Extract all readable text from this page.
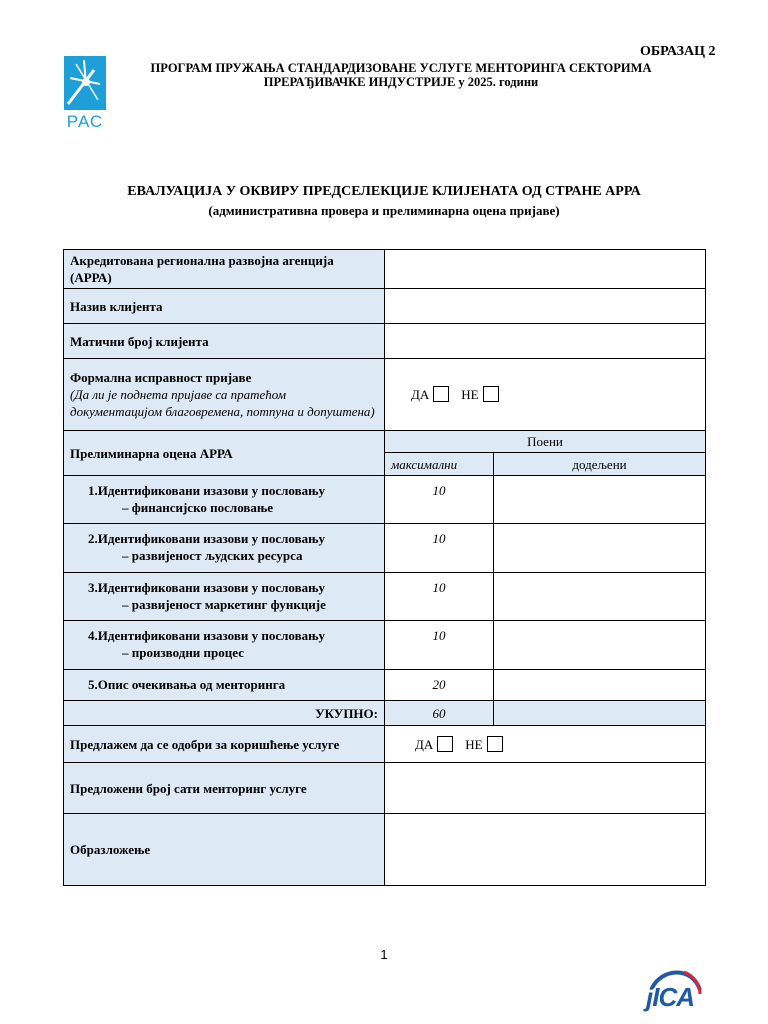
ОБРАЗАЦ 2
РАС
ПРОГРАМ ПРУЖАЊА СТАНДАРДИЗОВАНЕ УСЛУГЕ МЕНТОРИНГА СЕКТОРИМА
ПРЕРАЂИВАЧКЕ ИНДУСТРИЈЕ у 2025. години
ЕВАЛУАЦИЈА У ОКВИРУ ПРЕДСЕЛЕКЦИЈЕ КЛИЈЕНАТА ОД СТРАНЕ АРРА
(административна провера и прелиминарна оцена пријаве)
Акредитована регионална развојна агенција (АРРА)		
Назив клијента		
Матични број клијента		

Формална исправност пријаве
(Да ли је поднета пријаве са пратећом документацијом благовремена, потпуна и допуштена)	ДА НЕ	
Прелиминарна оцена АРРА	Поени	
	максимални	додељени

1.Идентификовани изазови у пословању
– финансијско пословање	10	

2.Идентификовани изазови у пословању
– развијеност људских ресурса	10	

3.Идентификовани изазови у пословању
– развијеност маркетинг функције	10	

4.Идентификовани изазови у пословању
– производни процес	10	

5.Опис очекивања од менторинга	20	
УКУПНО:	60	
Предлажем да се одобри за коришћење услуге	ДА НЕ	
Предложени број сати менторинг услуге		
Образложење		
1
jICA
